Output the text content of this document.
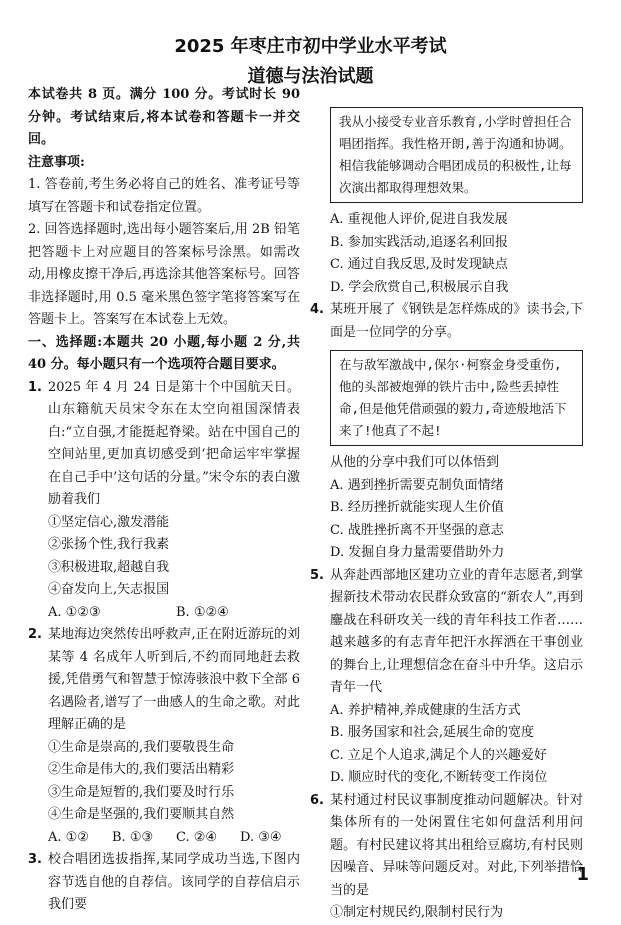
2025 年枣庄市初中学业水平考试
道德与法治试题

本试卷共 8 页。满分 100 分。考试时长 90 分钟。考试结束后,将本试卷和答题卡一并交回。

注意事项:

1. 答卷前,考生务必将自己的姓名、准考证号等填写在答题卡和试卷指定位置。

2. 回答选择题时,选出每小题答案后,用 2B 铅笔把答题卡上对应题目的答案标号涂黑。如需改动,用橡皮擦干净后,再选涂其他答案标号。回答非选择题时,用 0.5 毫米黑色签字笔将答案写在答题卡上。答案写在本试卷上无效。

一、选择题:本题共 20 小题,每小题 2 分,共 40 分。每小题只有一个选项符合题目要求。

1. 2025 年 4 月 24 日是第十个中国航天日。山东籍航天员宋令东在太空向祖国深情表白:“立自强,才能挺起脊梁。站在中国自己的空间站里,更加真切感受到‘把命运牢牢掌握在自己手中’这句话的分量。”宋令东的表白激励着我们

①坚定信心,激发潜能

②张扬个性,我行我素

③积极进取,超越自我

④奋发向上,矢志报国

A. ①②③	B. ①②④
2. 某地海边突然传出呼救声,正在附近游玩的刘某等 4 名成年人听到后,不约而同地赶去救援,凭借勇气和智慧于惊涛骇浪中救下全部 6 名遇险者,谱写了一曲感人的生命之歌。对此理解正确的是

①生命是崇高的,我们要敬畏生命

②生命是伟大的,我们要活出精彩

③生命是短暂的,我们要及时行乐

④生命是坚强的,我们要顺其自然

A. ①②	B. ①③	C. ②④	D. ③④
3. 校合唱团选拔指挥,某同学成功当选,下图内容节选自他的自荐信。该同学的自荐信启示我们要

我从小接受专业音乐教育,小学时曾担任合唱团指挥。我性格开朗,善于沟通和协调。相信我能够调动合唱团成员的积极性,让每次演出都取得理想效果。

A. 重视他人评价,促进自我发展

B. 参加实践活动,追逐名利回报

C. 通过自我反思,及时发现缺点

D. 学会欣赏自己,积极展示自我

4. 某班开展了《钢铁是怎样炼成的》读书会,下面是一位同学的分享。

在与敌军激战中,保尔·柯察金身受重伤,他的头部被炮弹的铁片击中,险些丢掉性命,但是他凭借顽强的毅力,奇迹般地活下来了!他真了不起!

从他的分享中我们可以体悟到

A. 遇到挫折需要克制负面情绪

B. 经历挫折就能实现人生价值

C. 战胜挫折离不开坚强的意志

D. 发掘自身力量需要借助外力

5. 从奔赴西部地区建功立业的青年志愿者,到掌握新技术带动农民群众致富的“新农人”,再到鏖战在科研攻关一线的青年科技工作者……越来越多的有志青年把汗水挥洒在干事创业的舞台上,让理想信念在奋斗中升华。这启示青年一代

A. 养护精神,养成健康的生活方式

B. 服务国家和社会,延展生命的宽度

C. 立足个人追求,满足个人的兴趣爱好

D. 顺应时代的变化,不断转变工作岗位

6. 某村通过村民议事制度推动问题解决。针对集体所有的一处闲置住宅如何盘活利用问题。有村民建议将其出租给豆腐坊,有村民则因噪音、异味等问题反对。对此,下列举措恰当的是

①制定村规民约,限制村民行为

1
